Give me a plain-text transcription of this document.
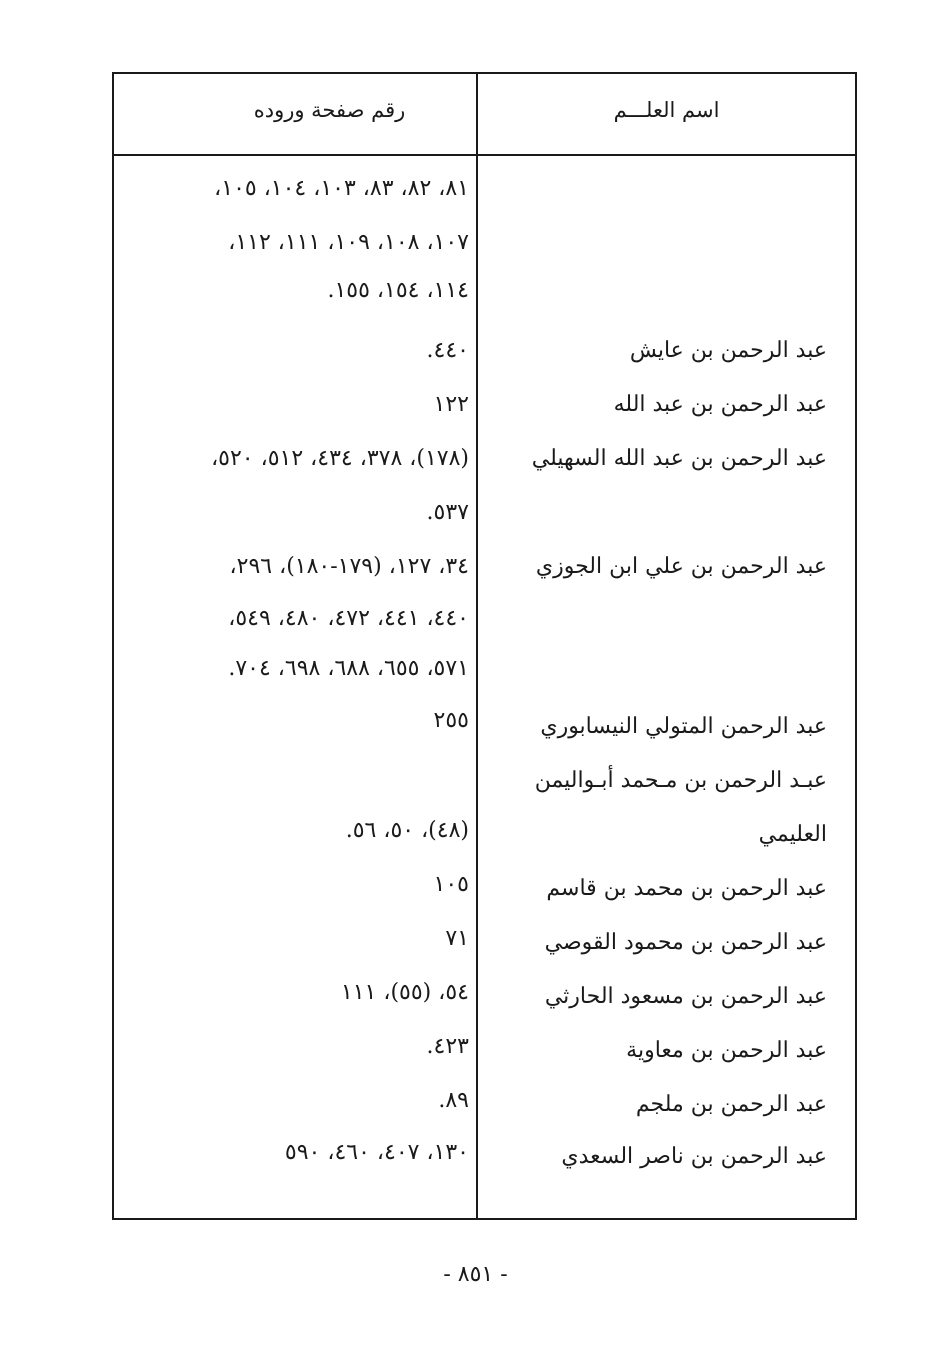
اسم العلـــم
رقم صفحة وروده
٨١، ٨٢، ٨٣، ١٠٣، ١٠٤، ١٠٥،
١٠٧، ١٠٨، ١٠٩، ١١١، ١١٢،
١١٤، ١٥٤، ١٥٥.
عبد الرحمن بن عايش
٤٤٠.
عبد الرحمن بن عبد الله
١٢٢
عبد الرحمن بن عبد الله السهيلي
(١٧٨)، ٣٧٨، ٤٣٤، ٥١٢، ٥٢٠،
٥٣٧.
عبد الرحمن بن علي ابن الجوزي
٣٤، ١٢٧، (١٧٩-١٨٠)، ٢٩٦،
٤٤٠، ٤٤١، ٤٧٢، ٤٨٠، ٥٤٩،
٥٧١، ٦٥٥، ٦٨٨، ٦٩٨، ٧٠٤.
عبد الرحمن المتولي النيسابوري
٢٥٥
عبـد الرحمن بن مـحمد أبـواليمن
العليمي
(٤٨)، ٥٠، ٥٦.
عبد الرحمن بن محمد بن قاسم
١٠٥
عبد الرحمن بن محمود القوصي
٧١
عبد الرحمن بن مسعود الحارثي
٥٤، (٥٥)، ١١١
عبد الرحمن بن معاوية
٤٢٣.
عبد الرحمن بن ملجم
٨٩.
عبد الرحمن بن ناصر السعدي
١٣٠، ٤٠٧، ٤٦٠، ٥٩٠
- ٨٥١ -
